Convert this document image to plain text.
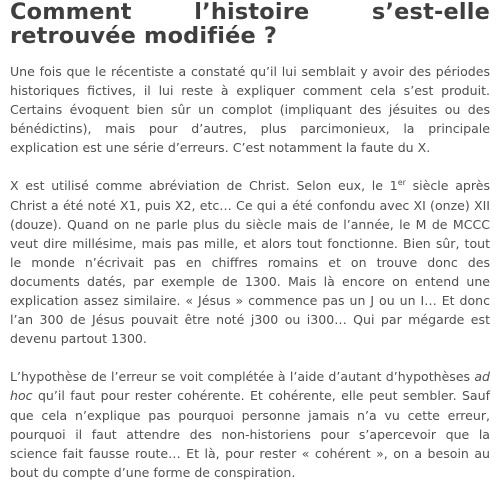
Comment l’histoire s’est-elle retrouvée modifiée ?

Une fois que le récentiste a constaté qu’il lui semblait y avoir des périodes historiques fictives, il lui reste à expliquer comment cela s’est produit. Certains évoquent bien sûr un complot (impliquant des jésuites ou des bénédictins), mais pour d’autres, plus parcimonieux, la principale explication est une série d’erreurs. C’est notamment la faute du X.

X est utilisé comme abréviation de Christ. Selon eux, le 1er siècle après Christ a été noté X1, puis X2, etc… Ce qui a été confondu avec XI (onze) XII (douze). Quand on ne parle plus du siècle mais de l’année, le M de MCCC veut dire millésime, mais pas mille, et alors tout fonctionne. Bien sûr, tout le monde n’écrivait pas en chiffres romains et on trouve donc des documents datés, par exemple de 1300. Mais là encore on entend une explication assez similaire. « Jésus » commence pas un J ou un I… Et donc l’an 300 de Jésus pouvait être noté j300 ou i300… Qui par mégarde est devenu partout 1300.

L’hypothèse de l’erreur se voit complétée à l’aide d’autant d’hypothèses ad hoc qu’il faut pour rester cohérente. Et cohérente, elle peut sembler. Sauf que cela n’explique pas pourquoi personne jamais n’a vu cette erreur, pourquoi il faut attendre des non-historiens pour s’apercevoir que la science fait fausse route… Et là, pour rester « cohérent », on a besoin au bout du compte d’une forme de conspiration.
